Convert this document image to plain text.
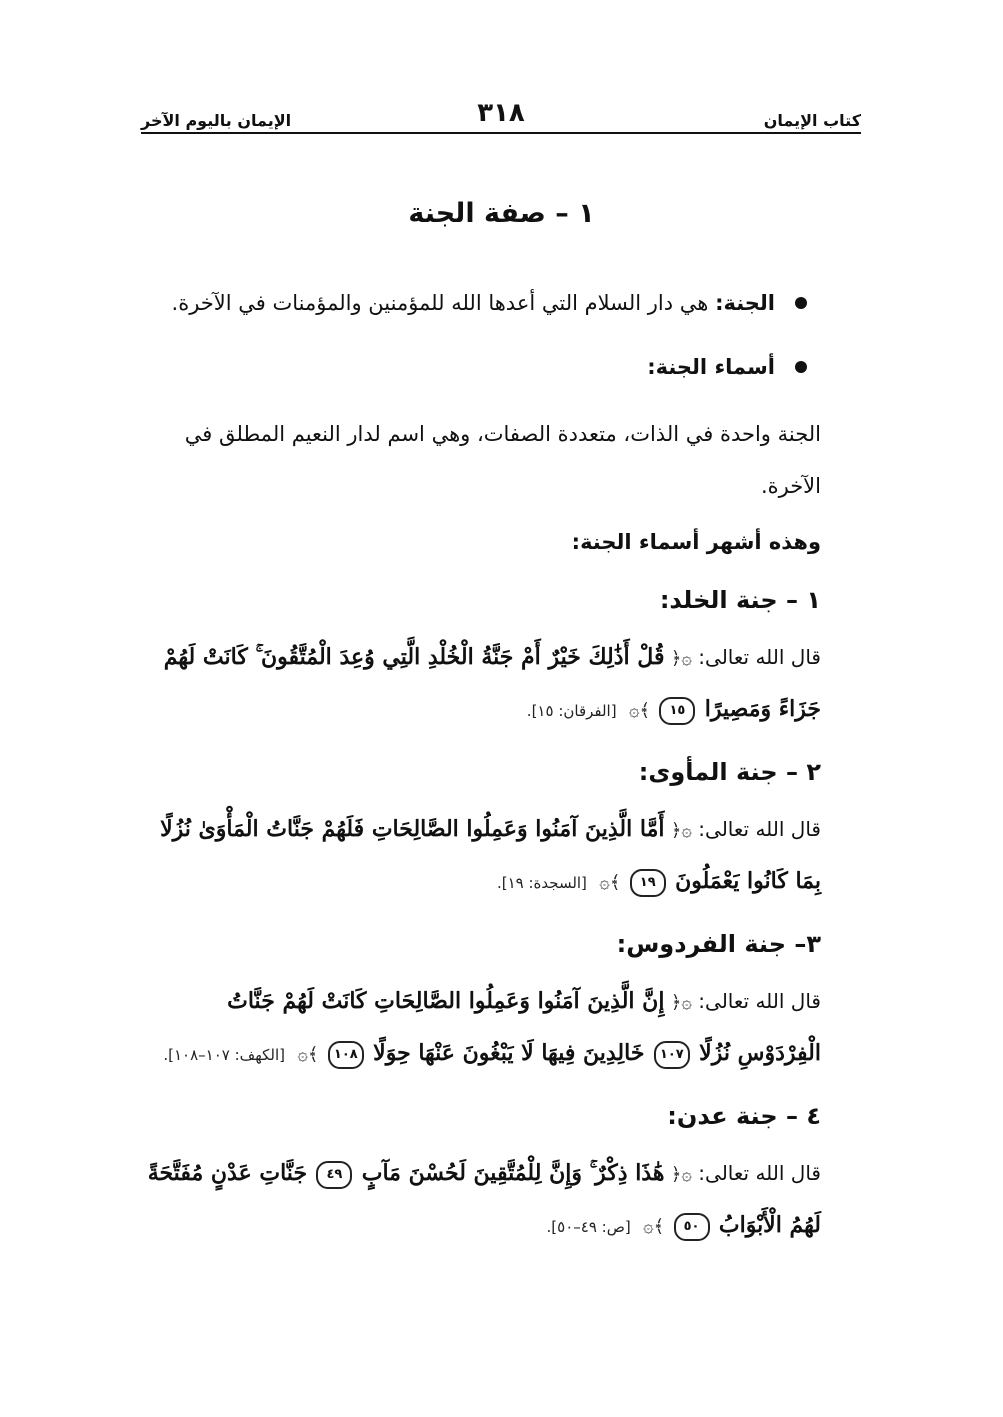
كتاب الإيمان
٣١٨
الإيمان باليوم الآخر
١ – صفة الجنة
الجنة: هي دار السلام التي أعدها الله للمؤمنين والمؤمنات في الآخرة.
أسماء الجنة:
الجنة واحدة في الذات، متعددة الصفات، وهي اسم لدار النعيم المطلق في الآخرة.
وهذه أشهر أسماء الجنة:
١ – جنة الخلد:
قال الله تعالى: ۞﴿ قُلْ أَذَٰلِكَ خَيْرٌ أَمْ جَنَّةُ الْخُلْدِ الَّتِي وُعِدَ الْمُتَّقُونَ ۚ كَانَتْ لَهُمْ جَزَاءً وَمَصِيرًا ١٥ ﴾۞ [الفرقان: ١٥].
٢ – جنة المأوى:
قال الله تعالى: ۞﴿ أَمَّا الَّذِينَ آمَنُوا وَعَمِلُوا الصَّالِحَاتِ فَلَهُمْ جَنَّاتُ الْمَأْوَىٰ نُزُلًا بِمَا كَانُوا يَعْمَلُونَ ١٩ ﴾۞ [السجدة: ١٩].
٣– جنة الفردوس:
قال الله تعالى: ۞﴿ إِنَّ الَّذِينَ آمَنُوا وَعَمِلُوا الصَّالِحَاتِ كَانَتْ لَهُمْ جَنَّاتُ الْفِرْدَوْسِ نُزُلًا ١٠٧ خَالِدِينَ فِيهَا لَا يَبْغُونَ عَنْهَا حِوَلًا ١٠٨ ﴾۞ [الكهف: ١٠٧–١٠٨].
٤ – جنة عدن:
قال الله تعالى: ۞﴿ هَٰذَا ذِكْرٌ ۚ وَإِنَّ لِلْمُتَّقِينَ لَحُسْنَ مَآبٍ ٤٩ جَنَّاتِ عَدْنٍ مُفَتَّحَةً لَهُمُ الْأَبْوَابُ ٥٠ ﴾۞ [ص: ٤٩–٥٠].
